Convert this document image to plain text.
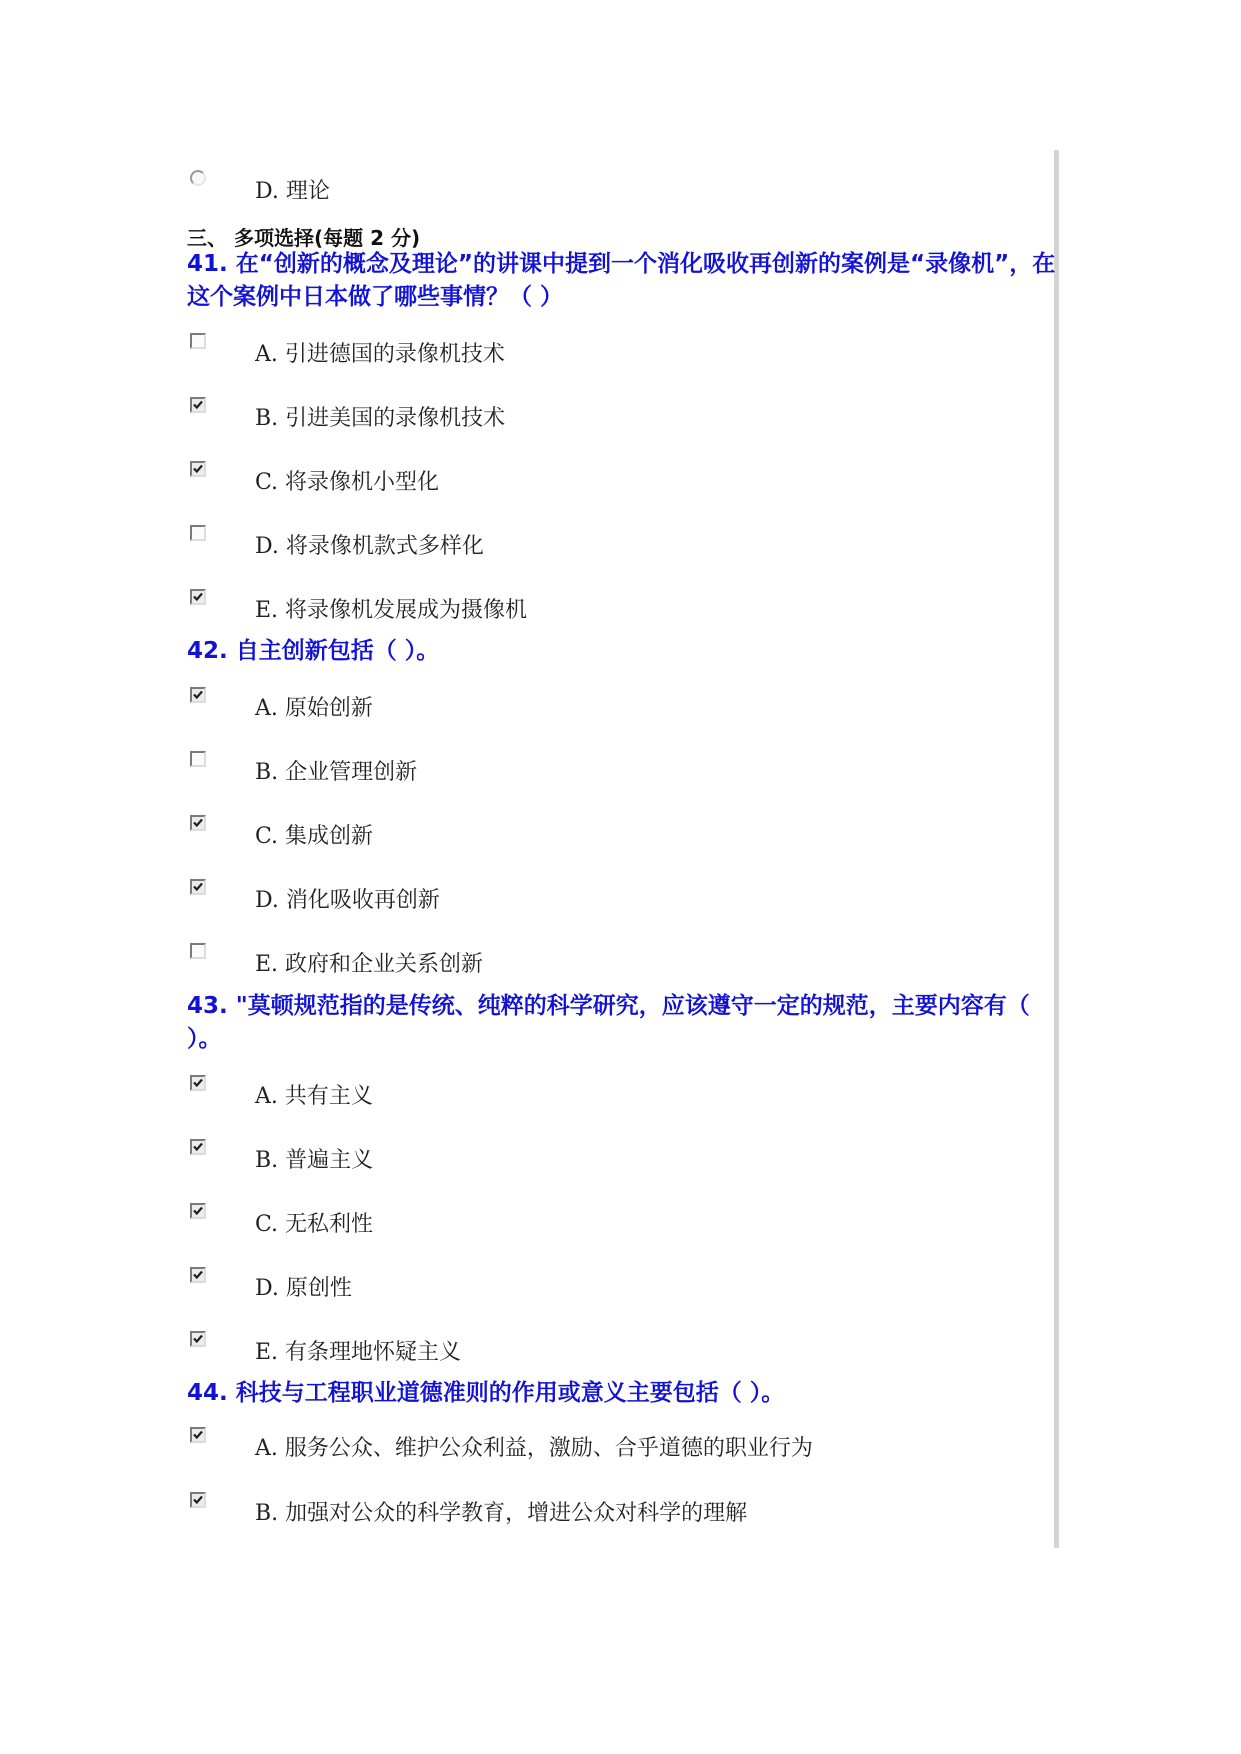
D. 理论
三、 多项选择(每题 2 分)
41. 在“创新的概念及理论”的讲课中提到一个消化吸收再创新的案例是“录像机”，在这个案例中日本做了哪些事情？（ ）
A. 引进德国的录像机技术
B. 引进美国的录像机技术
C. 将录像机小型化
D. 将录像机款式多样化
E. 将录像机发展成为摄像机
42. 自主创新包括（ ）。
A. 原始创新
B. 企业管理创新
C. 集成创新
D. 消化吸收再创新
E. 政府和企业关系创新
43. "莫顿规范指的是传统、纯粹的科学研究，应该遵守一定的规范，主要内容有（ ）。
A. 共有主义
B. 普遍主义
C. 无私利性
D. 原创性
E. 有条理地怀疑主义
44. 科技与工程职业道德准则的作用或意义主要包括（ ）。
A. 服务公众、维护公众利益，激励、合乎道德的职业行为
B. 加强对公众的科学教育，增进公众对科学的理解
